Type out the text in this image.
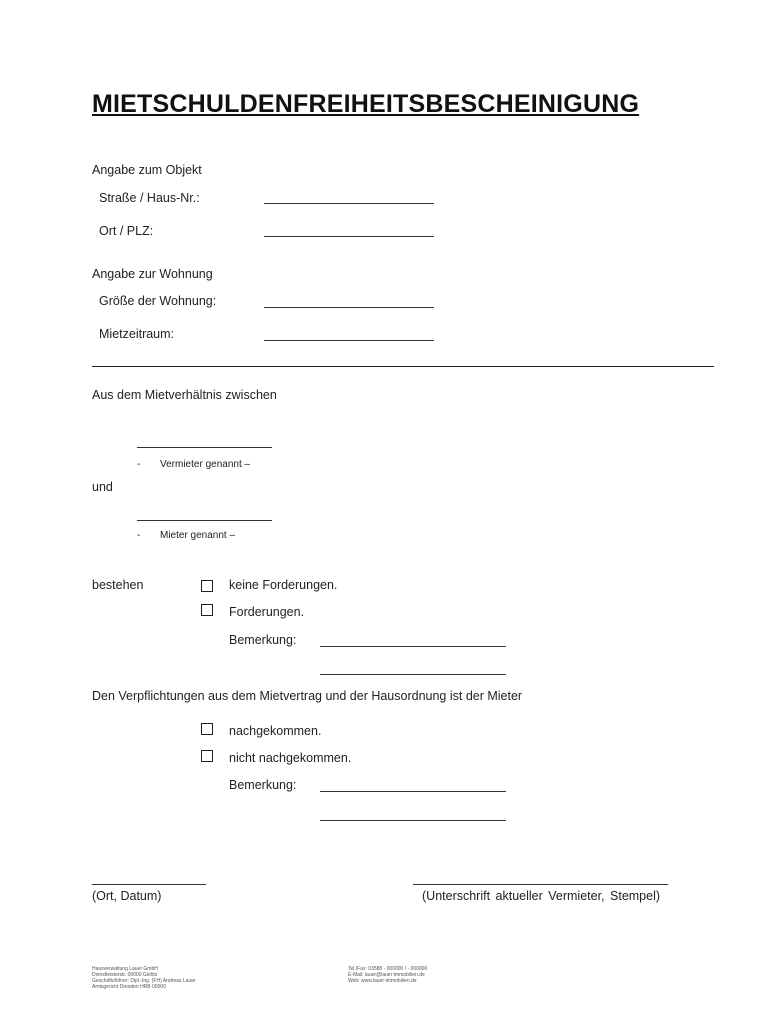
MIETSCHULDENFREIHEITSBESCHEINIGUNG
Angabe zum Objekt
Straße / Haus-Nr.:
Ort / PLZ:
Angabe zur Wohnung
Größe der Wohnung:
Mietzeitraum:
Aus dem Mietverhältnis zwischen
- Vermieter genannt –
und
- Mieter genannt –
bestehen	keine Forderungen.
Forderungen.
Bemerkung:
Den Verpflichtungen aus dem Mietvertrag und der Hausordnung ist der Mieter
nachgekommen.
nicht nachgekommen.
Bemerkung:
(Ort, Datum)	(Unterschrift aktueller Vermieter, Stempel)
Hausverwaltung Lauer GmbH
Dienstleisterstr. 00000 Görlitz
Geschäftsführer: Dipl.-Ing. (FH) Andreas Lauer
Amtsgericht Dresden HRB 00000
Tel./Fax: 03588 - 000000 / - 000000
E-Mail: lauer@lauer-immobilien.de
Web: www.lauer-immobilien.de
